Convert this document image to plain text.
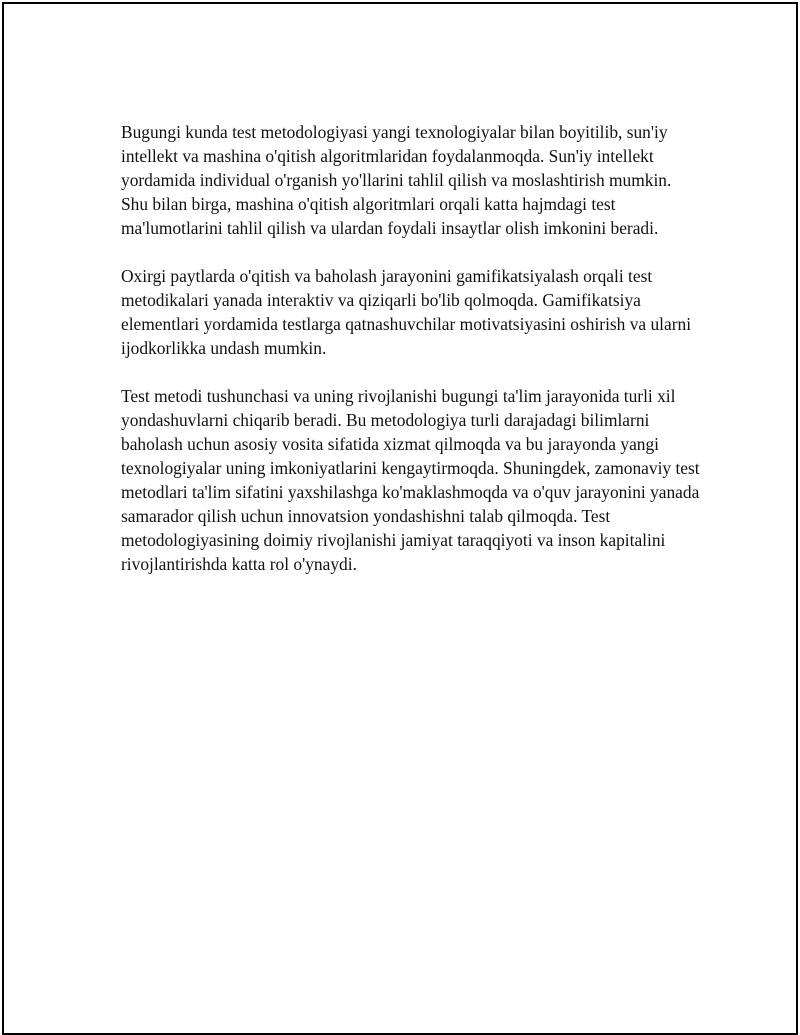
Bugungi kunda test metodologiyasi yangi texnologiyalar bilan boyitilib, sun'iy intellekt va mashina o'qitish algoritmlaridan foydalanmoqda. Sun'iy intellekt yordamida individual o'rganish yo'llarini tahlil qilish va moslashtirish mumkin. Shu bilan birga, mashina o'qitish algoritmlari orqali katta hajmdagi test ma'lumotlarini tahlil qilish va ulardan foydali insaytlar olish imkonini beradi.

Oxirgi paytlarda o'qitish va baholash jarayonini gamifikatsiyalash orqali test metodikalari yanada interaktiv va qiziqarli bo'lib qolmoqda. Gamifikatsiya elementlari yordamida testlarga qatnashuvchilar motivatsiyasini oshirish va ularni ijodkorlikka undash mumkin.

Test metodi tushunchasi va uning rivojlanishi bugungi ta'lim jarayonida turli xil yondashuvlarni chiqarib beradi. Bu metodologiya turli darajadagi bilimlarni baholash uchun asosiy vosita sifatida xizmat qilmoqda va bu jarayonda yangi texnologiyalar uning imkoniyatlarini kengaytirmoqda. Shuningdek, zamonaviy test metodlari ta'lim sifatini yaxshilashga ko'maklashmoqda va o'quv jarayonini yanada samarador qilish uchun innovatsion yondashishni talab qilmoqda. Test metodologiyasining doimiy rivojlanishi jamiyat taraqqiyoti va inson kapitalini rivojlantirishda katta rol o'ynaydi.
